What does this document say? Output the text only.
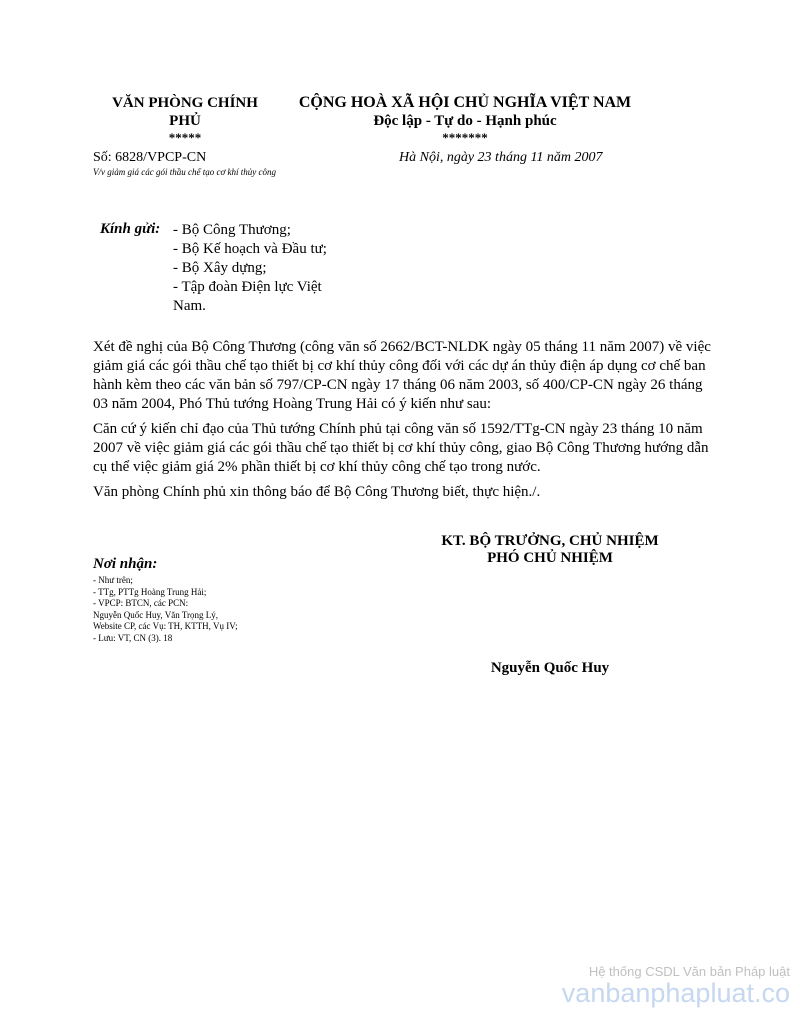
VĂN PHÒNG CHÍNH PHỦ
*****
CỘNG HOÀ XÃ HỘI CHỦ NGHĨA VIỆT NAM
Độc lập - Tự do - Hạnh phúc
*******
Số: 6828/VPCP-CN
V/v giảm giá các gói thầu chế tạo cơ khí thủy công
Hà Nội, ngày 23 tháng 11 năm 2007
Kính gửi: - Bộ Công Thương;
- Bộ Kế hoạch và Đầu tư;
- Bộ Xây dựng;
- Tập đoàn Điện lực Việt Nam.

Xét đề nghị của Bộ Công Thương (công văn số 2662/BCT-NLDK ngày 05 tháng 11 năm 2007) về việc giảm giá các gói thầu chế tạo thiết bị cơ khí thủy công đối với các dự án thủy điện áp dụng cơ chế ban hành kèm theo các văn bản số 797/CP-CN ngày 17 tháng 06 năm 2003, số 400/CP-CN ngày 26 tháng 03 năm 2004, Phó Thủ tướng Hoàng Trung Hải có ý kiến như sau:

Căn cứ ý kiến chỉ đạo của Thủ tướng Chính phủ tại công văn số 1592/TTg-CN ngày 23 tháng 10 năm 2007 về việc giảm giá các gói thầu chế tạo thiết bị cơ khí thủy công, giao Bộ Công Thương hướng dẫn cụ thể việc giảm giá 2% phần thiết bị cơ khí thủy công chế tạo trong nước.

Văn phòng Chính phủ xin thông báo để Bộ Công Thương biết, thực hiện./.

Nơi nhận:
- Như trên;
- TTg, PTTg Hoàng Trung Hải;
- VPCP: BTCN, các PCN:
Nguyễn Quốc Huy, Văn Trọng Lý,
Website CP, các Vụ: TH, KTTH, Vụ IV;
- Lưu: VT, CN (3). 18
KT. BỘ TRƯỞNG, CHỦ NHIỆM
PHÓ CHỦ NHIỆM
Nguyễn Quốc Huy
Hệ thống CSDL Văn bản Pháp luật
vanbanphapluat.co
